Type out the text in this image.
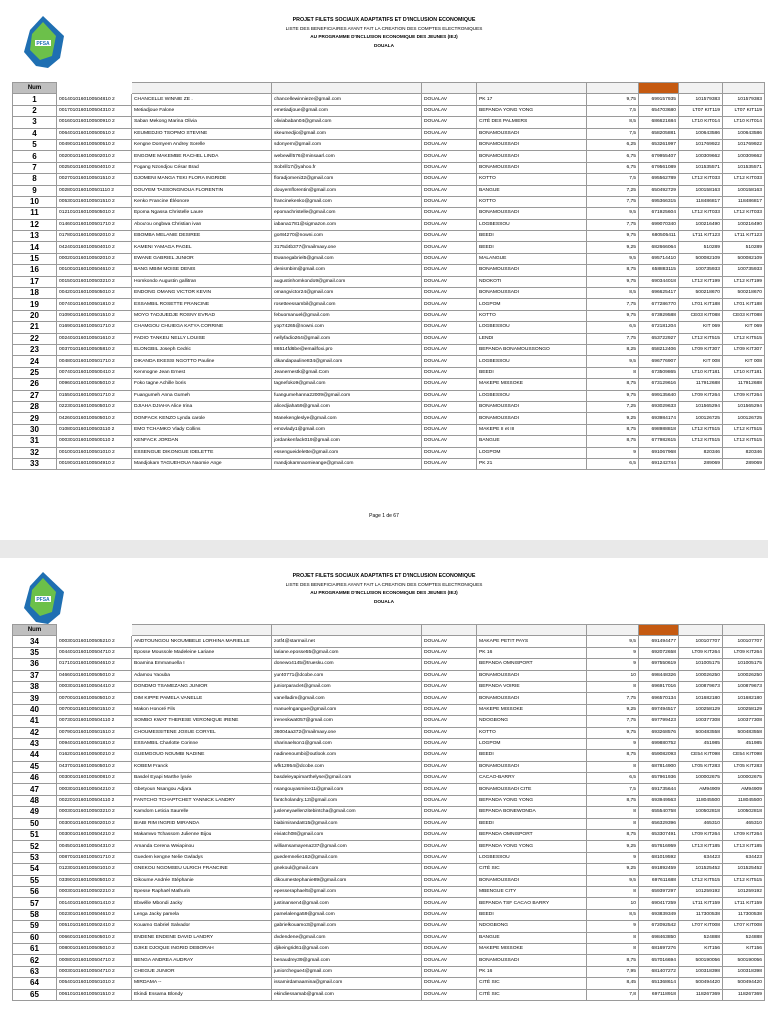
PFSA
PROJET FILETS SOCIAUX ADAPTATIFS ET D'INCLUSION ECONOMIQUE
LISTE DES BENEFICIAIRES AYANT FAIT LA CREATION DES COMPTES ELECTRONIQUES
AU PROGRAMME D'INCLUSION ECONOMIQUE DES JEUNES (IEJ)
DOUALA
Num									
1	0014010160100504810 2	CHANCELLE WINNIE ZE .	chancellewinnieze@gmail.com	DOUALAV	PK 17	9,75	699157935	101579383	101579383
2	0017010160100504310 2	Metiadjoue Falone	emetiadjoue@gmail.com	DOUALAV	BEPANDA YONG YONG	7,5	654703680	LT07 KIT119	LT07 KIT119
3	0016010160100500910 2	Saban Mekong Marina Olivia	oliviababan04@gmail.com	DOUALAV	CITÉ DES PALMIERS	8,5	686621684	LT10 KIT014	LT10 KIT014
4	0064010160100500510 2	KEUMEDJIO TSOPMO STEVINE	skeumedjio@gmail.com	DOUALAV	BONAMOUSSADI	7,5	658205881	100643586	100643586
5	0049010160100500510 2	Kengne Domyem Andrey Sorelle	sdonyem@gmail.com	DOUALAV	BONAMOUSSADI	6,25	653261997	101769922	101769922
6	0020010160100502010 2	ENGOME MAKEMBE RACHEL LINDA	webewill576@minsaarl.com	DOUALAV	BONAMOUSSADI	6,75	679955407	100309662	100309662
7	0025010160100504010 2	Fogang Nzondjou César Brad	Sobrill17@yahoo.fr	DOUALAV	BONAMOUSSADI	6,75	679561089	101535571	101535571
8	0027010160100501510 2	DJOMENI MANGA TEKI FLORA INGRIDE	floradjomeni32@gmail.com	DOUALAV	KOTTO	7,5	695562789	LT12 KIT033	LT12 KIT033
9	0028010160100501110 2	DOUYEM TASSONGNOUA FLORENTIN	douyemflorentin@gmail.com	DOUALAV	BANGUE	7,25	650492729	100158163	100158163
10	0053010160100501510 2	Kenko Francine Éléonore	francinekenko@gmail.com	DOUALAV	KOTTO	7,75	695366315	118486817	118486817
11	0121010160100505010 2	Epoma Ngassa Christelle Laure	epomachristelle@gmail.com	DOUALAV	BONAMOUSSADI	9,5	671925604	LT12 KIT033	LT12 KIT033
12	0146010160100501710 2	Abou'ou ongbwa Christian ivan	iabanа1781@sigmazon.com	DOUALAV	LOGBESSOU	7,75	699070340	100216490	100216490
13	0178010160100502010 2	EBOMBA MELANIE DESIREE	gor84270@nowni.com	DOUALAV	BEEDI	9,75	680505411	LT11 KIT123	LT11 KIT123
14	0424010160100504010 2	KAMENI YAMAGA PAGEL	3175d4b377@mailmaxy.one	DOUALAV	BEEDI	9,25	682666064	510289	510289
15	0002010160100502010 2	EWANE GABRIEL JUNIOR	Ewanegabriel5@gmail.com	DOUALAV	MALANGUE	9,5	695714410	500082109	500082109
16	0010010160100504610 2	BANG MBIM MOISE DENIS	denismbim@gmail.com	DOUALAV	BONAMOUSSADI	8,75	658883115	100735933	100735933
17	0015010160100503210 2	Homkondo Augustin gallitran	augustinhomkondo9@gmail.com	DOUALAV	NDOKOTI	9,75	690344018	LT12 KIT199	LT12 KIT199
18	0042010160100505010 2	ENDONG OMANG VICTOR KEVIN	omangvictor24@gmail.com	DOUALAV	BONAMOUSSADI	8,5	696625417	500218670	500218670
19	0074010160100501810 2	ESSAMBIL ROSETTE FRANCINE	rosetteessambil@gmail.com	DOUALAV	LOGPOM	7,75	677286770	LT01 KIT188	LT01 KIT188
20	0109010160100501510 2	MOYO TADJUEDJE ROSNY EVRAD	febuomanuel@gmail.com	DOUALAV	KOTTO	9,75	673929588	CE03 KIT088	CE03 KIT088
21	0169010160100501710 2	CHAMGOU CHUIEGA KATYA CORRINE	yop74265@nowni.com	DOUALAV	LOGBESSOU	6,5	672181204	KIT 069	KIT 069
22	0024010160100501610 2	FADIO TANKEU NELLY LOUISE	nellyfadio264@gmail.com	DOUALAV	LENDI	7,75	653722927	LT12 KIT515	LT12 KIT515
23	0037010160100505810 2	ELONGBIL Joseph Cedric	86514fd6be@emailfoxi.pro	DOUALAV	BEPANDA BONAMOUSSONGO	8,25	658212406	LT09 KIT307	LT09 KIT307
24	0048010160100501710 2	DIKANDA EKESSI NGOTTO Pauline	dikandapauline834@gmail.com	DOUALAV	LOGBESSOU	9,5	696776907	KIT 008	KIT 008
25	0074010160100500410 2	Kenmogne Jean Ernest	Jeanernestk@gmail.Com	DOUALAV	BEEDI	8	673509865	LT10 KIT181	LT10 KIT181
26	0096010160100505010 2	Foko tagne Achille boris	tagnefoko9@gmail.com	DOUALAV	MAKEPE MISSOKE	8,75	673129616	117912688	117912688
27	0155010160100501710 2	Fuangumeh Anna Gumeh	fuangumehanna22009@gmail.com	DOUALAV	LOGBESSOU	9,75	699135640	LT09 KIT264	LT09 KIT264
28	0223010160100505010 2	DJIAHA DJIAHA Alice Irina	alicedjiaha59@gmail.com	DOUALAV	BONAMOUSSADI	7,25	693029633	101565294	101565294
29	0426010160100505010 2	DONFACK KENZO Lynda carole	Manekengleslye@gmail.com	DOUALAV	BONAMOUSSADI	9,25	693984174	100126725	100126725
30	0108010160100503110 2	EMO TCHAMKO Vlady Collins	emovlady1@gmail.com	DOUALAV	MAKEPE II et III	8,75	698988818	LT12 KIT515	LT12 KIT515
31	0003010160100500110 2	KENFACK JORDAN	jordankenfack019@gmail.com	DOUALAV	BANGUE	8,75	677982615	LT12 KIT515	LT12 KIT515
32	0010010160100501010 2	ESSENGUE DIKONGUE IDELETTE	essengueidelette@gmail.com	DOUALAV	LOGPOM	9	691067968	820346	820346
33	0019010160100504910 2	Mandjokam TAGUEHOUA Naomie Ange	mandjokamnaomieange@gmail.com	DOUALAV	PK 21	6,5	691242744	289069	289069
Page 1 de 67
PFSA
PROJET FILETS SOCIAUX ADAPTATIFS ET D'INCLUSION ECONOMIQUE
LISTE DES BENEFICIAIRES AYANT FAIT LA CREATION DES COMPTES ELECTRONIQUES
AU PROGRAMME D'INCLUSION ECONOMIQUE DES JEUNES (IEJ)
DOUALA
Num									
34	0003010160100505210 2	ANDTOUNGOU NKOUMBELE LORHINA MARIELLE	zotf4@starmail.net	DOUALAV	MAKAPE PETIT PAYS	9,5	691494477	100107707	100107707
35	0044010160100504710 2	Eposse Moussole Madeleine Lariane	lariane.eposse55@gmail.com	DOUALAV	PK 16	9	692072658	LT09 KIT264	LT09 KIT264
36	0171010160100504610 2	Boamina Emmanuella I	donewo4145@truesku.com	DOUALAV	BEPANDA OMNISPORT	9	697550619	101005175	101005175
37	0466010160100505010 2	Adamou Yaouba	yur40771@dcobe.com	DOUALAV	BONAMOUSSADI	10	698448326	100026250	100026250
38	0003010160100504410 2	DONDMO TSAMEZANG JUNIOR	juniorparaclet@gmail.com	DOUALAV	BEPANDA VOIRIE	8	696917016	100879673	100879673
39	0070010160100505010 2	DIM KIPPE PAMELA VANELLE	vanelladim@gmail.com	DOUALAV	BONAMOUSSADI	7,75	696570134	101682180	101682180
40	0070010160100501510 2	Makon Honoré Fils	manuelnganguе@gmail.com	DOUALAV	MAKEPE MISSOKE	9,25	697494517	100258129	100258129
41	0073010160100504110 2	SOMBO KWAT THERESE VERONIQUE IRENE	ireneskwat057@gmail.com	DOUALAV	NDOGBONG	7,75	697799423	100377308	100377308
42	0079010160100501510 2	CHOUMESSITENE JOSUE CORYEL	36004aa372@mailmaxy.one	DOUALAV	KOTTO	9,75	693268576	500483558	500483558
43	0094010160100501810 2	ESSAMBIL Charlotte Corinne	sharinaelson1@gmail.com	DOUALAV	LOGPOM	9	699880752	451985	451985
44	0162010160100500210 2	GUEMGOUO NOUMBI NADINE	nadinenoumbi@outlook.com	DOUALAV	BEEDI	8,75	659082093	CE54 KIT098	CE54 KIT098
45	0437010160100505010 2	KOBEM Franck	wfk12954@dcobe.com	DOUALAV	BONAMOUSSADI	8	687814900	LT05 KIT283	LT05 KIT283
46	0030010160100500810 2	Basdel Eyapi Marthe lyséе	basdeleyapimarthelyse@gmail.com	DOUALAV	CACAO-BARRY	6,5	657961936	100002675	100002675
47	0003010160100504210 2	Gbetyoun Nsangou Adjara	nsangouyasmine11@gmail.com	DOUALAV	BONAMOUSSADI CITE	7,5	691735644	AM94909	AM94909
48	0022010160100504110 2	FANTCHO TCHAPTCHET YANNICK LANDRY	fantcholandry.12@gmail.com	DOUALAV	BEPANDA YONG YONG	8,75	693949563	118045500	118045500
49	0003010160100503210 2	Kamdom Leticia Saurelle	jusleneyaellenzitebintcha@gmail.com	DOUALAV	BEPANDA BONEWONDA	8	655540758	100502818	100502818
50	0030010160100502010 2	BIABI RIM INGRID MIRANDA	biabimiranda815@gmail.com	DOUALAV	BEEDI	8	656329396	465310	465310
51	0030010160100504210 2	Makamwo Tchassom Julienne Bijou	eiviatch08@gmail.com	DOUALAV	BEPANDA OMNISPORT	8,75	653307491	LT09 KIT264	LT09 KIT264
52	0045010160100504310 2	Amanda Cerena Weiapinou	williamsamayena237@gmail.com	DOUALAV	BEPANDA YONG YONG	9,25	657616959	LT13 KIT185	LT13 KIT185
53	0087010160100501710 2	Guedem kengne Nelie Gwladys	guedemnelie162@gmail.com	DOUALAV	LOGBESSOU	9	681019592	634423	634423
54	0123010160100501010 2	GNEKOU NGOMSEU ULRICH FRANCINE	gnekoul@gmail.com	DOUALAV	CITÉ SIC	9,25	691892459	101525452	101525452
55	0339010160100505010 2	Dikoume Andrée Stéphanie	dikoumestephanie89@gmail.com	DOUALAV	BONAMOUSSADI	9,5	697611688	LT12 KIT515	LT12 KIT515
56	0003010160100502210 2	Epesse Raphaël Mathurin	epesseraphael5@gmail.com	DOUALAV	MBENGUE CITY	8	659397297	101259192	101259192
57	0014010160100501410 2	Ebwélle Mbondi Jacky	justinansen4@gmail.com	DOUALAV	BEPANDA TSF CACAO BARRY	10	690417259	LT11 KIT159	LT11 KIT159
58	0023010160100504610 2	Lenga Jacky pamela	pamelalenga59@gmail.com	DOUALAV	BEEDI	8,5	693839349	117300538	117300538
59	0051010160100502410 2	Kouamo Gabriel Salvador	gabrielkouamo3@gmail.com	DOUALAV	NDOGBONG	9	672092542	LT07 KIT008	LT07 KIT008
60	0066010160100505010 2	ENDENE ENDENE DAVID LANDRY	dvdendene@gmail.com	DOUALAV	BANGUE	8	698463850	524888	524888
61	0080010160100505010 2	DJIKE DJOQUE INGRID DEBORAH	djikeingrid61@gmail.com	DOUALAV	MAKEPE MISSOKE	8	681697276	KIT156	KIT156
62	0008010160100504710 2	BENGA ANDREA AUDRAY	benaudrey39@gmail.com	DOUALAV	BONAMOUSSADI	8,75	657016694	500190056	500190056
63	0003010160100504710 2	CHEGUE JUNIOR	juniorchegue4@gmail.com	DOUALAV	PK 16	7,95	681407272	100318398	100318398
64	0054010160100501010 2	MIRDAMA --	issamirdamaamina@gmail.com	DOUALAV	CITÉ SIC	8,45	651368614	500494420	500494420
65	0061010160100501510 2	Ekindi Essama Blondy	ekindiessamab@gmail.com	DOUALAV	CITÉ SIC	7,8	697118918	118267369	118267369
